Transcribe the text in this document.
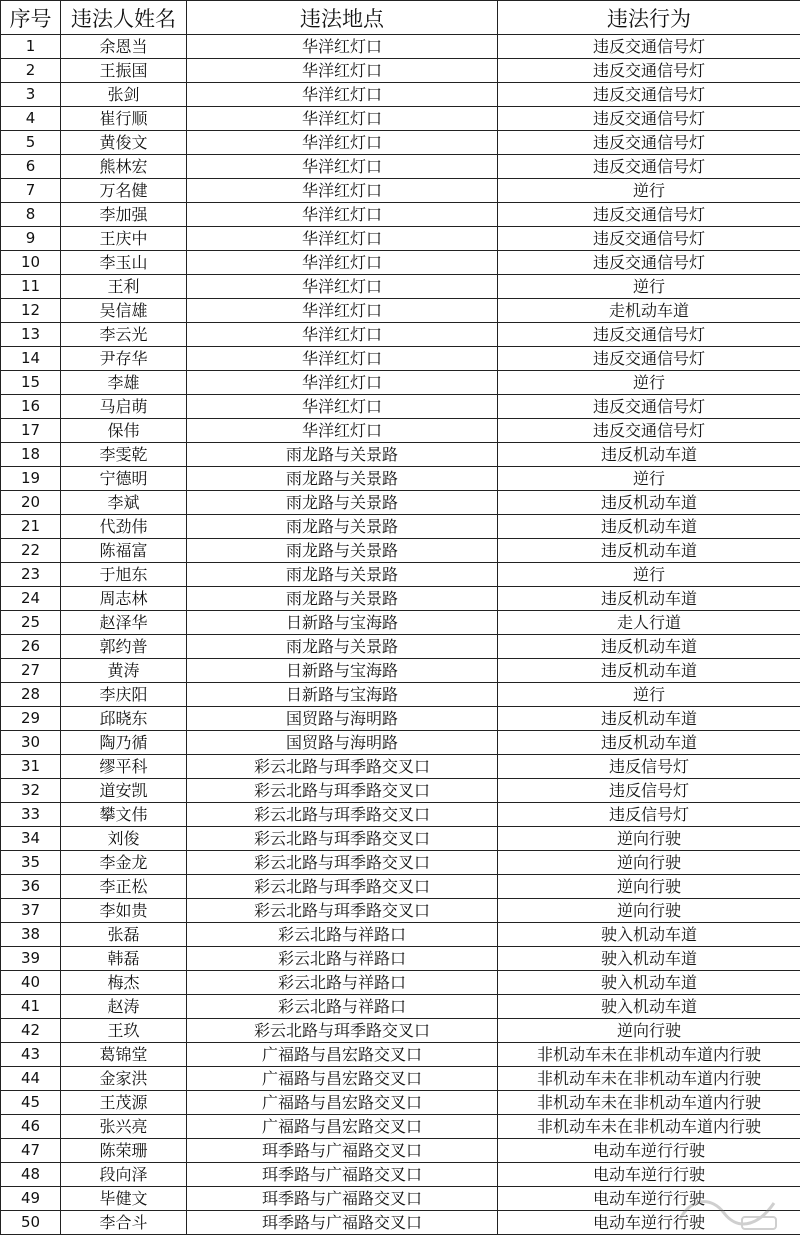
序号	违法人姓名	违法地点	违法行为
1	余恩当	华洋红灯口	违反交通信号灯
2	王振国	华洋红灯口	违反交通信号灯
3	张剑	华洋红灯口	违反交通信号灯
4	崔行顺	华洋红灯口	违反交通信号灯
5	黄俊文	华洋红灯口	违反交通信号灯
6	熊林宏	华洋红灯口	违反交通信号灯
7	万名健	华洋红灯口	逆行
8	李加强	华洋红灯口	违反交通信号灯
9	王庆中	华洋红灯口	违反交通信号灯
10	李玉山	华洋红灯口	违反交通信号灯
11	王利	华洋红灯口	逆行
12	吴信雄	华洋红灯口	走机动车道
13	李云光	华洋红灯口	违反交通信号灯
14	尹存华	华洋红灯口	违反交通信号灯
15	李雄	华洋红灯口	逆行
16	马启萌	华洋红灯口	违反交通信号灯
17	保伟	华洋红灯口	违反交通信号灯
18	李雯乾	雨龙路与关景路	违反机动车道
19	宁德明	雨龙路与关景路	逆行
20	李斌	雨龙路与关景路	违反机动车道
21	代劲伟	雨龙路与关景路	违反机动车道
22	陈福富	雨龙路与关景路	违反机动车道
23	于旭东	雨龙路与关景路	逆行
24	周志林	雨龙路与关景路	违反机动车道
25	赵泽华	日新路与宝海路	走人行道
26	郭约普	雨龙路与关景路	违反机动车道
27	黄涛	日新路与宝海路	违反机动车道
28	李庆阳	日新路与宝海路	逆行
29	邱晓东	国贸路与海明路	违反机动车道
30	陶乃循	国贸路与海明路	违反机动车道
31	缪平科	彩云北路与珥季路交叉口	违反信号灯
32	道安凯	彩云北路与珥季路交叉口	违反信号灯
33	攀文伟	彩云北路与珥季路交叉口	违反信号灯
34	刘俊	彩云北路与珥季路交叉口	逆向行驶
35	李金龙	彩云北路与珥季路交叉口	逆向行驶
36	李正松	彩云北路与珥季路交叉口	逆向行驶
37	李如贵	彩云北路与珥季路交叉口	逆向行驶
38	张磊	彩云北路与祥路口	驶入机动车道
39	韩磊	彩云北路与祥路口	驶入机动车道
40	梅杰	彩云北路与祥路口	驶入机动车道
41	赵涛	彩云北路与祥路口	驶入机动车道
42	王玖	彩云北路与珥季路交叉口	逆向行驶
43	葛锦堂	广福路与昌宏路交叉口	非机动车未在非机动车道内行驶
44	金家洪	广福路与昌宏路交叉口	非机动车未在非机动车道内行驶
45	王茂源	广福路与昌宏路交叉口	非机动车未在非机动车道内行驶
46	张兴亮	广福路与昌宏路交叉口	非机动车未在非机动车道内行驶
47	陈荣珊	珥季路与广福路交叉口	电动车逆行行驶
48	段向泽	珥季路与广福路交叉口	电动车逆行行驶
49	毕健文	珥季路与广福路交叉口	电动车逆行行驶
50	李合斗	珥季路与广福路交叉口	电动车逆行行驶
